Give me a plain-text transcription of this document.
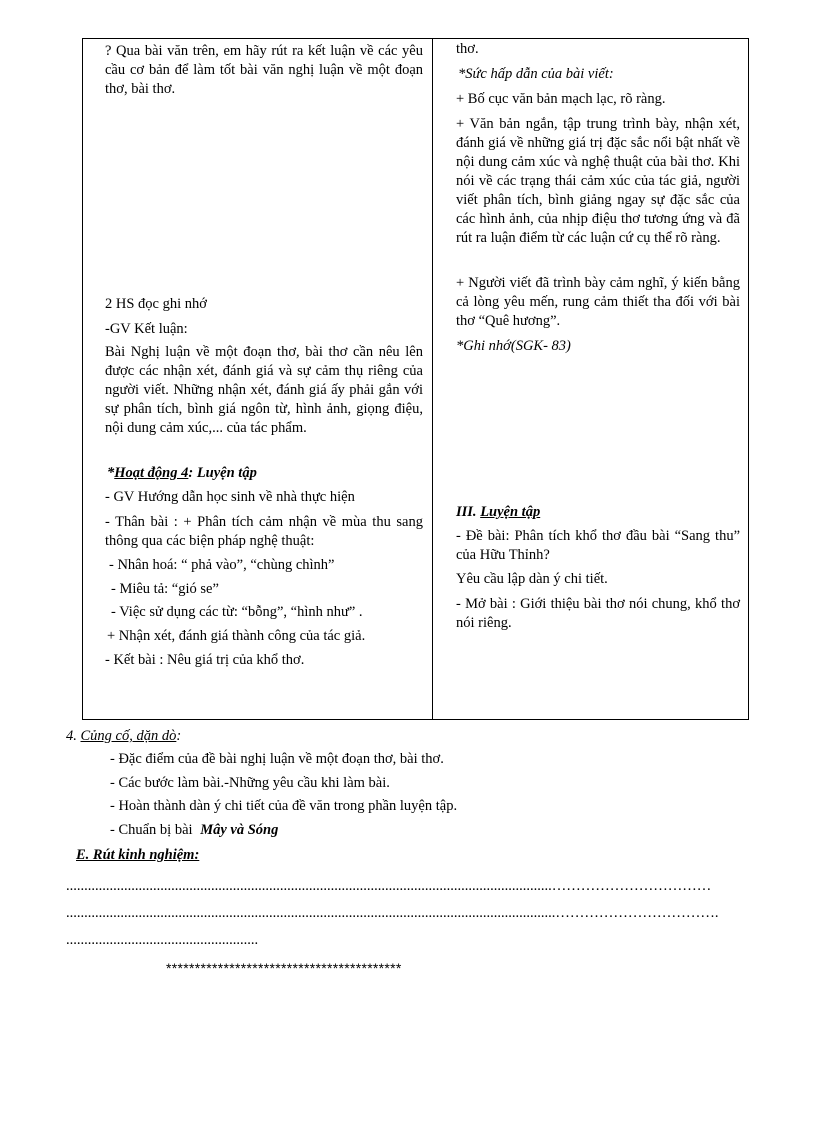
? Qua bài văn trên, em hãy rút ra kết luận về các yêu cầu cơ bản để làm tốt bài văn nghị luận về một đoạn thơ, bài thơ.

2 HS đọc ghi nhớ

-GV Kết luận:

Bài Nghị luận về một đoạn thơ, bài thơ cần nêu lên được các nhận xét, đánh giá và sự cảm thụ riêng của người viết. Những nhận xét, đánh giá ấy phải gắn với sự phân tích, bình giá ngôn từ, hình ảnh, giọng điệu, nội dung cảm xúc,... của tác phẩm.

*Hoạt động 4: Luyện tập

- GV Hướng dẫn học sinh về nhà thực hiện

- Thân bài : + Phân tích cảm nhận về mùa thu sang thông qua các biện pháp nghệ thuật:

- Nhân hoá: “ phả vào”, “chùng chình”

- Miêu tả: “gió se”

- Việc sử dụng các từ: “bỗng”, “hình như” .

+ Nhận xét, đánh giá thành công của tác giả.

- Kết bài : Nêu giá trị của khổ thơ.

thơ.

*Sức hấp dẫn của bài viết:

+ Bố cục văn bản mạch lạc, rõ ràng.

+ Văn bản ngắn, tập trung trình bày, nhận xét, đánh giá về những giá trị đặc sắc nổi bật nhất về nội dung cảm xúc và nghệ thuật của bài thơ. Khi nói về các trạng thái cảm xúc của tác giả, người viết phân tích, bình giảng ngay sự đặc sắc của các hình ảnh, của nhịp điệu thơ tương ứng và đã rút ra luận điểm từ các luận cứ cụ thể rõ ràng.

+ Người viết đã trình bày cảm nghĩ, ý kiến bằng cả lòng yêu mến, rung cảm thiết tha đối với bài thơ “Quê hương”.

*Ghi nhớ(SGK- 83)

III. Luyện tập

- Đề bài: Phân tích khổ thơ đầu bài “Sang thu” của Hữu Thỉnh?

Yêu cầu lập dàn ý chi tiết.

- Mở bài : Giới thiệu bài thơ nói chung, khổ thơ nói riêng.

4. Củng cố, dặn dò:
- Đặc điểm của đề bài nghị luận về một đoạn thơ, bài thơ.
- Các bước làm bài.-Những yêu cầu khi làm bài.
- Hoàn thành dàn ý chi tiết của đề văn trong phần luyện tập.
- Chuẩn bị bài Mây và Sóng
E. Rút kinh nghiệm:
......................................................................................................................................……………………………
.......................................................................................................................................…………………………….
.....................................................
*****************************************
